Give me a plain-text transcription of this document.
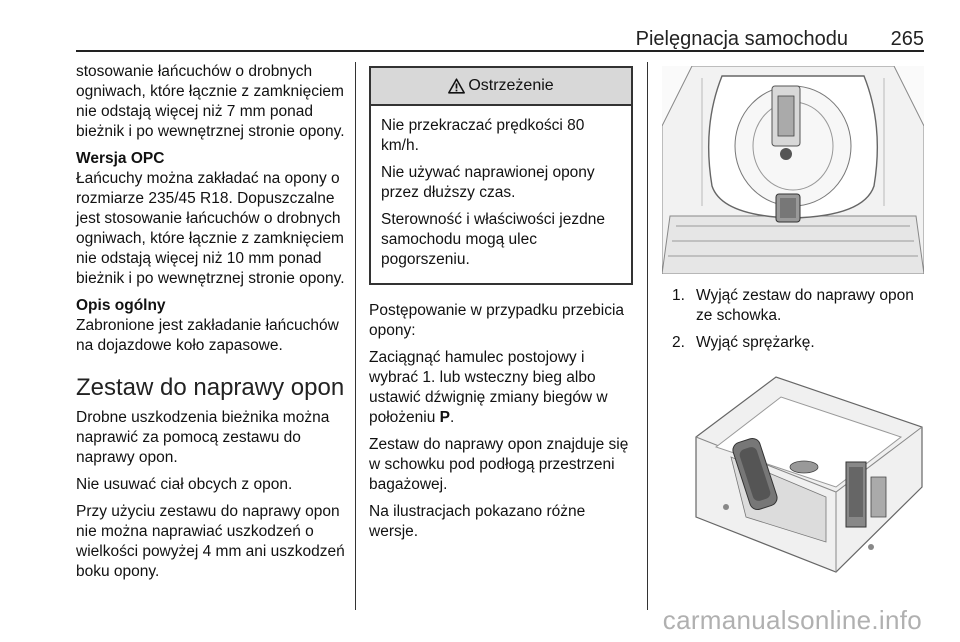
Pielęgnacja samochodu 265

stosowanie łańcuchów o drobnych ogniwach, które łącznie z zamknięciem nie odstają więcej niż 7 mm ponad bieżnik i po wewnętrznej stronie opony.

Wersja OPC

Łańcuchy można zakładać na opony o rozmiarze 235/45 R18. Dopuszczalne jest stosowanie łańcuchów o drobnych ogniwach, które łącznie z zamknięciem nie odstają więcej niż 10 mm ponad bieżnik i po wewnętrznej stronie opony.

Opis ogólny

Zabronione jest zakładanie łańcuchów na dojazdowe koło zapasowe.

Zestaw do naprawy opon

Drobne uszkodzenia bieżnika można naprawić za pomocą zestawu do naprawy opon.

Nie usuwać ciał obcych z opon.

Przy użyciu zestawu do naprawy opon nie można naprawiać uszkodzeń o wielkości powyżej 4 mm ani uszkodzeń boku opony.

Ostrzeżenie

Nie przekraczać prędkości 80 km/h.

Nie używać naprawionej opony przez dłuższy czas.

Sterowność i właściwości jezdne samochodu mogą ulec pogorszeniu.

Postępowanie w przypadku przebicia opony:

Zaciągnąć hamulec postojowy i wybrać 1. lub wsteczny bieg albo ustawić dźwignię zmiany biegów w położeniu P.

Zestaw do naprawy opon znajduje się w schowku pod podłogą przestrzeni bagażowej.

Na ilustracjach pokazano różne wersje.

1. Wyjąć zestaw do naprawy opon ze schowka.
2. Wyjąć sprężarkę.
carmanualsonline.info
